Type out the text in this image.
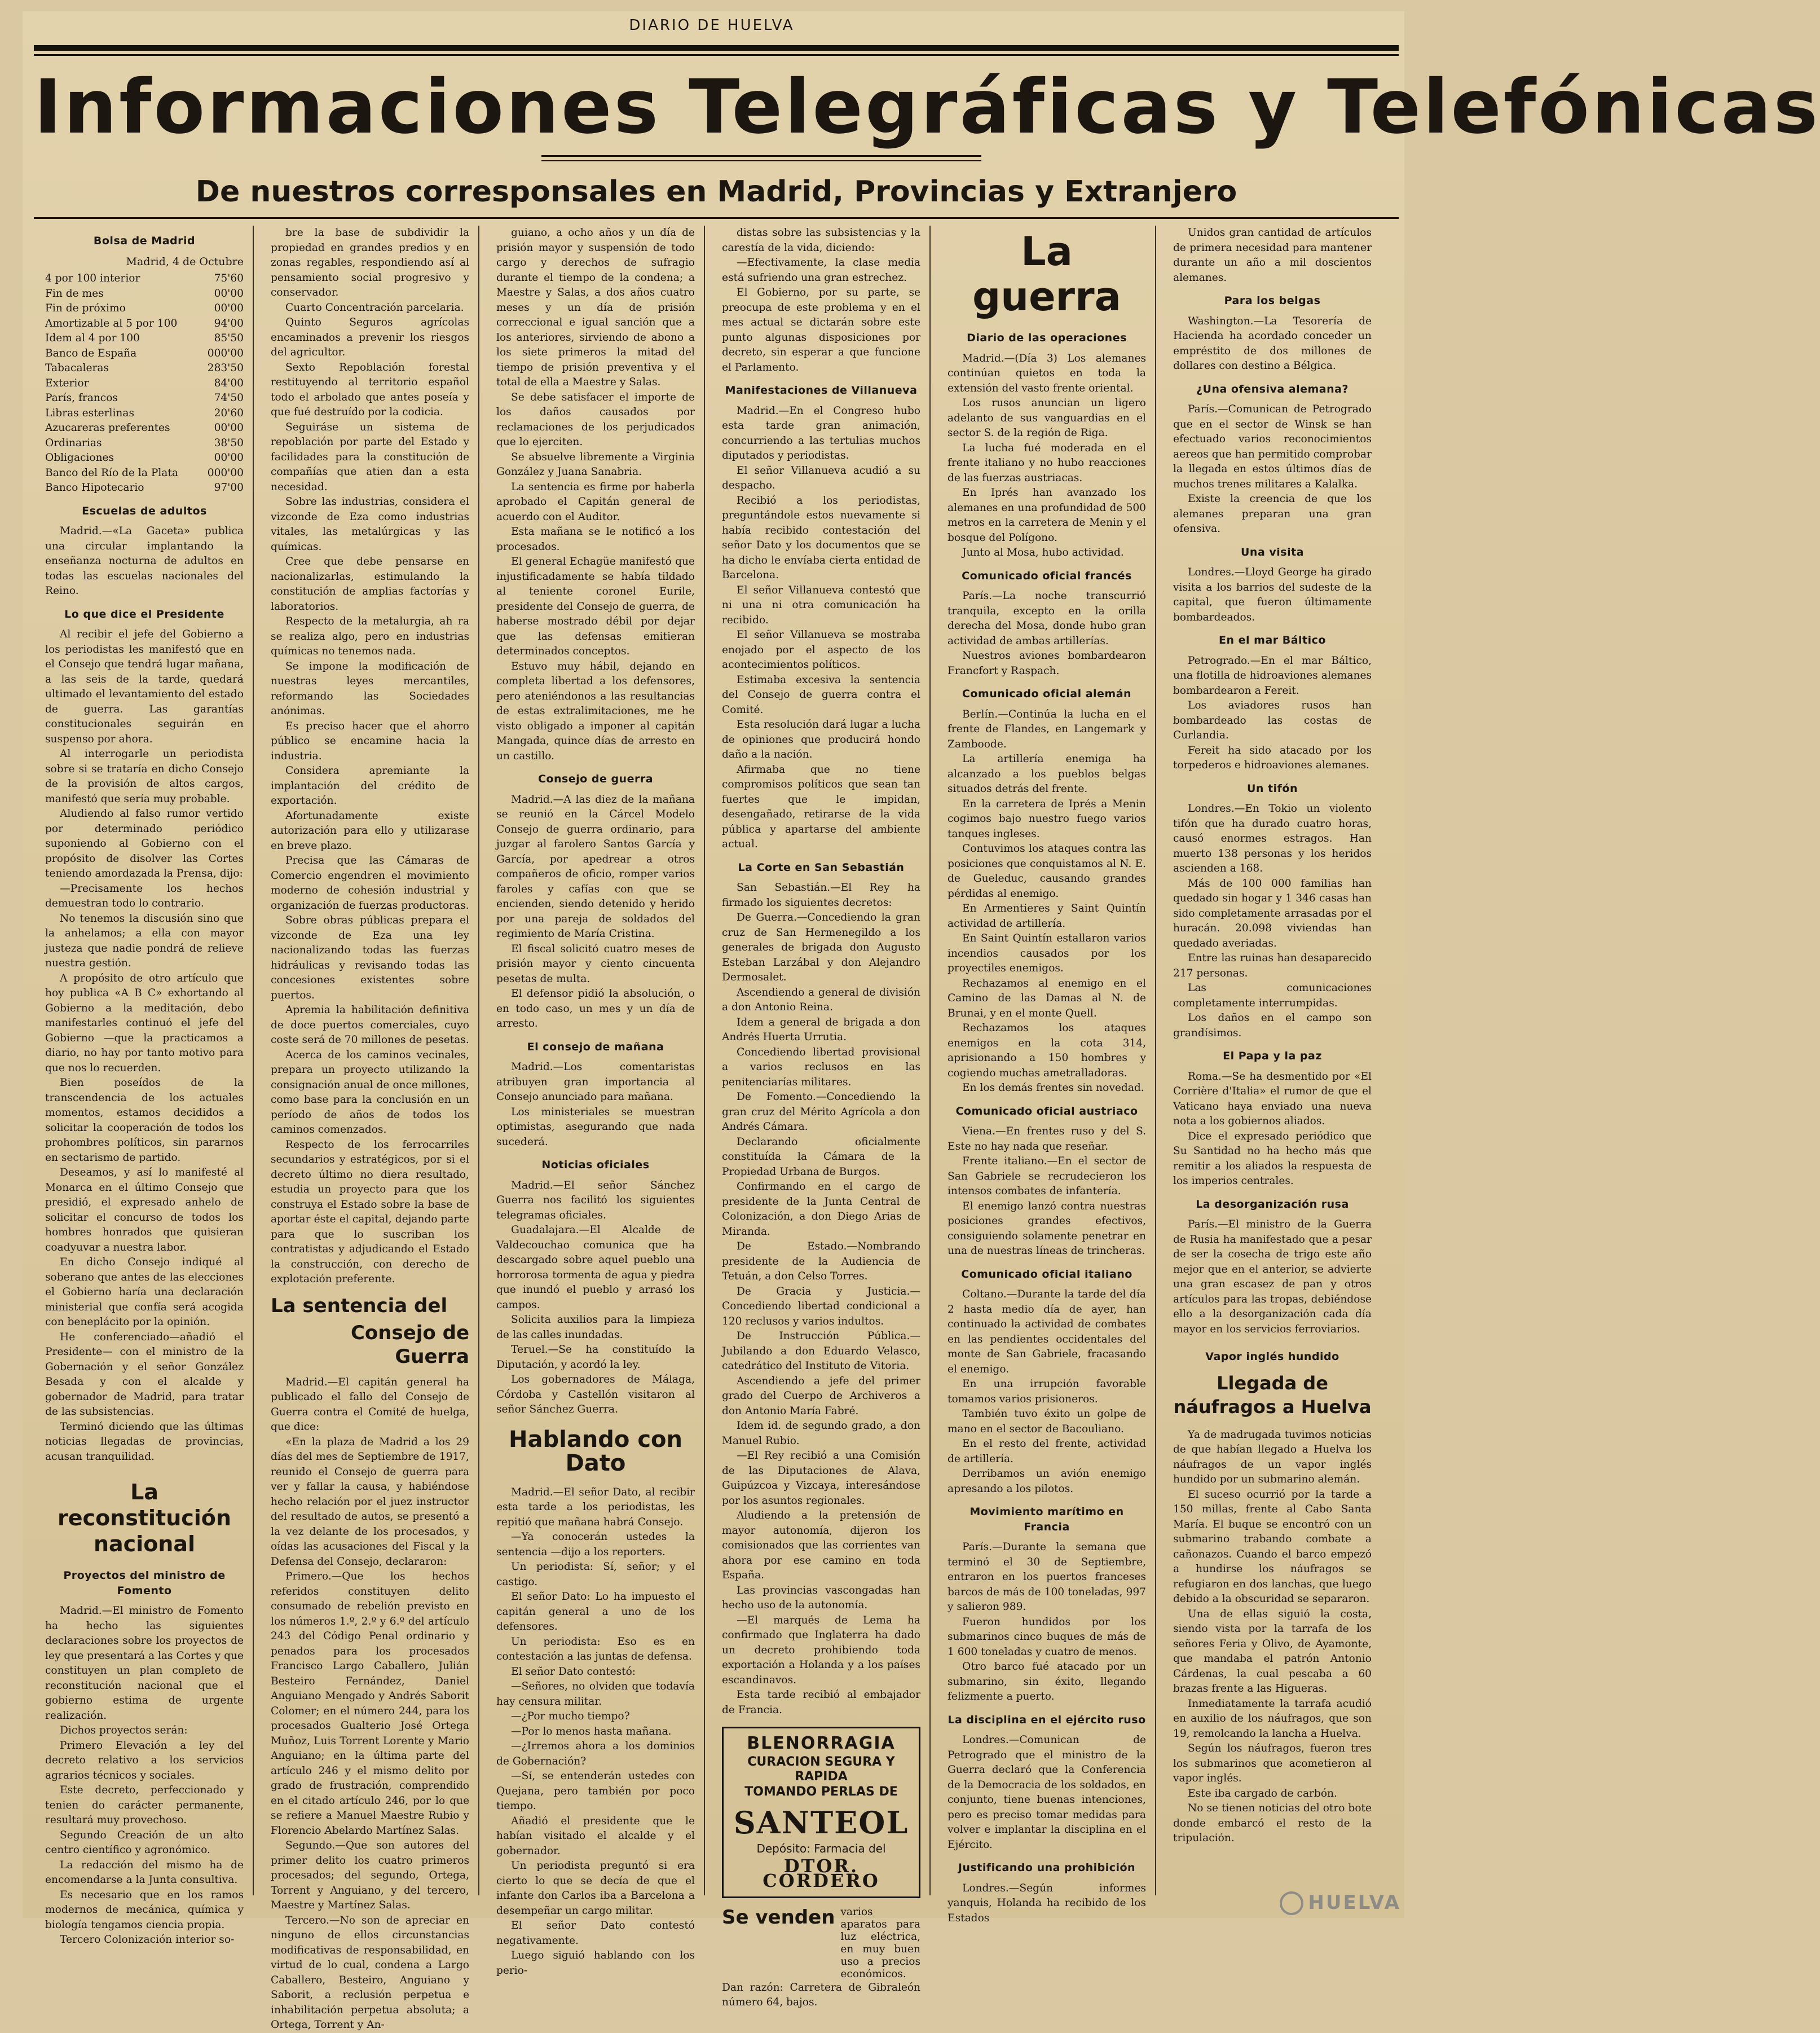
DIARIO DE HUELVA
Informaciones Telegráficas y Telefónicas
De nuestros corresponsales en Madrid, Provincias y Extranjero
Bolsa de Madrid
Madrid, 4 de Octubre
4 por 100 interior	75'60
Fin de mes	00'00
Fin de próximo	00'00
Amortizable al 5 por 100	94'00
Idem al 4 por 100	85'50
Banco de España	000'00
Tabacaleras	283'50
Exterior	84'00
París, francos	74'50
Libras esterlinas	20'60
Azucareras preferentes	00'00
Ordinarias	38'50
Obligaciones	00'00
Banco del Río de la Plata	000'00
Banco Hipotecario	97'00
Escuelas de adultos

Madrid.—«La Gaceta» publica una circular implantando la enseñanza nocturna de adultos en todas las escuelas nacionales del Reino.

Lo que dice el Presidente

Al recibir el jefe del Gobierno a los periodistas les manifestó que en el Consejo que tendrá lugar mañana, a las seis de la tarde, quedará ultimado el levantamiento del estado de guerra. Las garantías constitucionales seguirán en suspenso por ahora.

Al interrogarle un periodista sobre si se trataría en dicho Consejo de la provisión de altos cargos, manifestó que sería muy probable.

Aludiendo al falso rumor vertido por determinado periódico suponiendo al Gobierno con el propósito de disolver las Cortes teniendo amordazada la Prensa, dijo:

—Precisamente los hechos demuestran todo lo contrario.

No tenemos la discusión sino que la anhelamos; a ella con mayor justeza que nadie pondrá de relieve nuestra gestión.

A propósito de otro artículo que hoy publica «A B C» exhortando al Gobierno a la meditación, debo manifestarles continuó el jefe del Gobierno —que la practicamos a diario, no hay por tanto motivo para que nos lo recuerden.

Bien poseídos de la transcendencia de los actuales momentos, estamos decididos a solicitar la cooperación de todos los prohombres políticos, sin pararnos en sectarismo de partido.

Deseamos, y así lo manifesté al Monarca en el último Consejo que presidió, el expresado anhelo de solicitar el concurso de todos los hombres honrados que quisieran coadyuvar a nuestra labor.

En dicho Consejo indiqué al soberano que antes de las elecciones el Gobierno haría una declaración ministerial que confía será acogida con beneplácito por la opinión.

He conferenciado—añadió el Presidente— con el ministro de la Gobernación y el señor González Besada y con el alcalde y gobernador de Madrid, para tratar de las subsistencias.

Terminó diciendo que las últimas noticias llegadas de provincias, acusan tranquilidad.

La reconstitución nacional
Proyectos del ministro de Fomento

Madrid.—El ministro de Fomento ha hecho las siguientes declaraciones sobre los proyectos de ley que presentará a las Cortes y que constituyen un plan completo de reconstitución nacional que el gobierno estima de urgente realización.

Dichos proyectos serán:

Primero Elevación a ley del decreto relativo a los servicios agrarios técnicos y sociales.

Este decreto, perfeccionado y tenien do carácter permanente, resultará muy provechoso.

Segundo Creación de un alto centro científico y agronómico.

La redacción del mismo ha de encomendarse a la Junta consultiva.

Es necesario que en los ramos modernos de mecánica, química y biología tengamos ciencia propia.

Tercero Colonización interior so-

bre la base de subdividir la propiedad en grandes predios y en zonas regables, respondiendo así al pensamiento social progresivo y conservador.

Cuarto Concentración parcelaria.

Quinto Seguros agrícolas encaminados a prevenir los riesgos del agricultor.

Sexto Repoblación forestal restituyendo al territorio español todo el arbolado que antes poseía y que fué destruído por la codicia.

Seguiráse un sistema de repoblación por parte del Estado y facilidades para la constitución de compañías que atien dan a esta necesidad.

Sobre las industrias, considera el vizconde de Eza como industrias vitales, las metalúrgicas y las químicas.

Cree que debe pensarse en nacionalizarlas, estimulando la constitución de amplias factorías y laboratorios.

Respecto de la metalurgia, ah ra se realiza algo, pero en industrias químicas no tenemos nada.

Se impone la modificación de nuestras leyes mercantiles, reformando las Sociedades anónimas.

Es preciso hacer que el ahorro público se encamine hacia la industria.

Considera apremiante la implantación del crédito de exportación.

Afortunadamente existe autorización para ello y utilizarase en breve plazo.

Precisa que las Cámaras de Comercio engendren el movimiento moderno de cohesión industrial y organización de fuerzas productoras.

Sobre obras públicas prepara el vizconde de Eza una ley nacionalizando todas las fuerzas hidráulicas y revisando todas las concesiones existentes sobre puertos.

Apremia la habilitación definitiva de doce puertos comerciales, cuyo coste será de 70 millones de pesetas.

Acerca de los caminos vecinales, prepara un proyecto utilizando la consignación anual de once millones, como base para la conclusión en un período de años de todos los caminos comenzados.

Respecto de los ferrocarriles secundarios y estratégicos, por si el decreto último no diera resultado, estudia un proyecto para que los construya el Estado sobre la base de aportar éste el capital, dejando parte para que lo suscriban los contratistas y adjudicando el Estado la construcción, con derecho de explotación preferente.

La sentencia del
Consejo de Guerra

Madrid.—El capitán general ha publicado el fallo del Consejo de Guerra contra el Comité de huelga, que dice:

«En la plaza de Madrid a los 29 días del mes de Septiembre de 1917, reunido el Consejo de guerra para ver y fallar la causa, y habiéndose hecho relación por el juez instructor del resultado de autos, se presentó a la vez delante de los procesados, y oídas las acusaciones del Fiscal y la Defensa del Consejo, declararon:

Primero.—Que los hechos referidos constituyen delito consumado de rebelión previsto en los números 1.º, 2.º y 6.º del artículo 243 del Código Penal ordinario y penados para los procesados Francisco Largo Caballero, Julián Besteiro Fernández, Daniel Anguiano Mengado y Andrés Saborit Colomer; en el número 244, para los procesados Gualterio José Ortega Muñoz, Luis Torrent Lorente y Mario Anguiano; en la última parte del artículo 246 y el mismo delito por grado de frustración, comprendido en el citado artículo 246, por lo que se refiere a Manuel Maestre Rubio y Florencio Abelardo Martínez Salas.

Segundo.—Que son autores del primer delito los cuatro primeros procesados; del segundo, Ortega, Torrent y Anguiano, y del tercero, Maestre y Martínez Salas.

Tercero.—No son de apreciar en ninguno de ellos circunstancias modificativas de responsabilidad, en virtud de lo cual, condena a Largo Caballero, Besteiro, Anguiano y Saborit, a reclusión perpetua e inhabilitación perpetua absoluta; a Ortega, Torrent y An-

guiano, a ocho años y un día de prisión mayor y suspensión de todo cargo y derechos de sufragio durante el tiempo de la condena; a Maestre y Salas, a dos años cuatro meses y un día de prisión correccional e igual sanción que a los anteriores, sirviendo de abono a los siete primeros la mitad del tiempo de prisión preventiva y el total de ella a Maestre y Salas.

Se debe satisfacer el importe de los daños causados por reclamaciones de los perjudicados que lo ejerciten.

Se absuelve libremente a Virginia González y Juana Sanabria.

La sentencia es firme por haberla aprobado el Capitán general de acuerdo con el Auditor.

Esta mañana se le notificó a los procesados.

El general Echagüe manifestó que injustificadamente se había tildado al teniente coronel Eurile, presidente del Consejo de guerra, de haberse mostrado débil por dejar que las defensas emitieran determinados conceptos.

Estuvo muy hábil, dejando en completa libertad a los defensores, pero ateniéndonos a las resultancias de estas extralimitaciones, me he visto obligado a imponer al capitán Mangada, quince días de arresto en un castillo.

Consejo de guerra

Madrid.—A las diez de la mañana se reunió en la Cárcel Modelo Consejo de guerra ordinario, para juzgar al farolero Santos García y García, por apedrear a otros compañeros de oficio, romper varios faroles y cafías con que se encienden, siendo detenido y herido por una pareja de soldados del regimiento de María Cristina.

El fiscal solicitó cuatro meses de prisión mayor y ciento cincuenta pesetas de multa.

El defensor pidió la absolución, o en todo caso, un mes y un día de arresto.

El consejo de mañana

Madrid.—Los comentaristas atribuyen gran importancia al Consejo anunciado para mañana.

Los ministeriales se muestran optimistas, asegurando que nada sucederá.

Noticias oficiales

Madrid.—El señor Sánchez Guerra nos facilitó los siguientes telegramas oficiales.

Guadalajara.—El Alcalde de Valdecouchao comunica que ha descargado sobre aquel pueblo una horrorosa tormenta de agua y piedra que inundó el pueblo y arrasó los campos.

Solicita auxilios para la limpieza de las calles inundadas.

Teruel.—Se ha constituído la Diputación, y acordó la ley.

Los gobernadores de Málaga, Córdoba y Castellón visitaron al señor Sánchez Guerra.

Hablando con Dato

Madrid.—El señor Dato, al recibir esta tarde a los periodistas, les repitió que mañana habrá Consejo.

—Ya conocerán ustedes la sentencia —dijo a los reporters.

Un periodista: Sí, señor; y el castigo.

El señor Dato: Lo ha impuesto el capitán general a uno de los defensores.

Un periodista: Eso es en contestación a las juntas de defensa.

El señor Dato contestó:

—Señores, no olviden que todavía hay censura militar.

—¿Por mucho tiempo?

—Por lo menos hasta mañana.

—¿Irremos ahora a los dominios de Gobernación?

—Sí, se entenderán ustedes con Quejana, pero también por poco tiempo.

Añadió el presidente que le habían visitado el alcalde y el gobernador.

Un periodista preguntó si era cierto lo que se decía de que el infante don Carlos iba a Barcelona a desempeñar un cargo militar.

El señor Dato contestó negativamente.

Luego siguió hablando con los perio-

distas sobre las subsistencias y la carestía de la vida, diciendo:

—Efectivamente, la clase media está sufriendo una gran estrechez.

El Gobierno, por su parte, se preocupa de este problema y en el mes actual se dictarán sobre este punto algunas disposiciones por decreto, sin esperar a que funcione el Parlamento.

Manifestaciones de Villanueva

Madrid.—En el Congreso hubo esta tarde gran animación, concurriendo a las tertulias muchos diputados y periodistas.

El señor Villanueva acudió a su despacho.

Recibió a los periodistas, preguntándole estos nuevamente si había recibido contestación del señor Dato y los documentos que se ha dicho le envíaba cierta entidad de Barcelona.

El señor Villanueva contestó que ni una ni otra comunicación ha recibido.

El señor Villanueva se mostraba enojado por el aspecto de los acontecimientos políticos.

Estimaba excesiva la sentencia del Consejo de guerra contra el Comité.

Esta resolución dará lugar a lucha de opiniones que producirá hondo daño a la nación.

Afirmaba que no tiene compromisos políticos que sean tan fuertes que le impidan, desengañado, retirarse de la vida pública y apartarse del ambiente actual.

La Corte en San Sebastián

San Sebastián.—El Rey ha firmado los siguientes decretos:

De Guerra.—Concediendo la gran cruz de San Hermenegildo a los generales de brigada don Augusto Esteban Larzábal y don Alejandro Dermosalet.

Ascendiendo a general de división a don Antonio Reina.

Idem a general de brigada a don Andrés Huerta Urrutia.

Concediendo libertad provisional a varios reclusos en las penitenciarías militares.

De Fomento.—Concediendo la gran cruz del Mérito Agrícola a don Andrés Cámara.

Declarando oficialmente constituída la Cámara de la Propiedad Urbana de Burgos.

Confirmando en el cargo de presidente de la Junta Central de Colonización, a don Diego Arias de Miranda.

De Estado.—Nombrando presidente de la Audiencia de Tetuán, a don Celso Torres.

De Gracia y Justicia.—Concediendo libertad condicional a 120 reclusos y varios indultos.

De Instrucción Pública.—Jubilando a don Eduardo Velasco, catedrático del Instituto de Vitoria.

Ascendiendo a jefe del primer grado del Cuerpo de Archiveros a don Antonio María Fabré.

Idem id. de segundo grado, a don Manuel Rubio.

—El Rey recibió a una Comisión de las Diputaciones de Alava, Guipúzcoa y Vizcaya, interesándose por los asuntos regionales.

Aludiendo a la pretensión de mayor autonomía, dijeron los comisionados que las corrientes van ahora por ese camino en toda España.

Las provincias vascongadas han hecho uso de la autonomía.

—El marqués de Lema ha confirmado que Inglaterra ha dado un decreto prohibiendo toda exportación a Holanda y a los países escandinavos.

Esta tarde recibió al embajador de Francia.

BLENORRAGIA
CURACION SEGURA Y RAPIDA
TOMANDO PERLAS DE
SANTEOL
Depósito: Farmacia del
DTOR. CORDERO
Se venden varios aparatos para luz eléctrica, en muy buen uso a precios económicos.

Dan razón: Carretera de Gibraleón número 64, bajos.

La guerra
Diario de las operaciones

Madrid.—(Día 3) Los alemanes continúan quietos en toda la extensión del vasto frente oriental.

Los rusos anuncian un ligero adelanto de sus vanguardias en el sector S. de la región de Riga.

La lucha fué moderada en el frente italiano y no hubo reacciones de las fuerzas austriacas.

En Iprés han avanzado los alemanes en una profundidad de 500 metros en la carretera de Menin y el bosque del Polígono.

Junto al Mosa, hubo actividad.

Comunicado oficial francés

París.—La noche transcurrió tranquila, excepto en la orilla derecha del Mosa, donde hubo gran actividad de ambas artillerías.

Nuestros aviones bombardearon Francfort y Raspach.

Comunicado oficial alemán

Berlín.—Continúa la lucha en el frente de Flandes, en Langemark y Zamboode.

La artillería enemiga ha alcanzado a los pueblos belgas situados detrás del frente.

En la carretera de Iprés a Menin cogimos bajo nuestro fuego varios tanques ingleses.

Contuvimos los ataques contra las posiciones que conquistamos al N. E. de Gueleduc, causando grandes pérdidas al enemigo.

En Armentieres y Saint Quintín actividad de artillería.

En Saint Quintín estallaron varios incendios causados por los proyectiles enemigos.

Rechazamos al enemigo en el Camino de las Damas al N. de Brunai, y en el monte Quell.

Rechazamos los ataques enemigos en la cota 314, aprisionando a 150 hombres y cogiendo muchas ametralladoras.

En los demás frentes sin novedad.

Comunicado oficial austriaco

Viena.—En frentes ruso y del S. Este no hay nada que reseñar.

Frente italiano.—En el sector de San Gabriele se recrudecieron los intensos combates de infantería.

El enemigo lanzó contra nuestras posiciones grandes efectivos, consiguiendo solamente penetrar en una de nuestras líneas de trincheras.

Comunicado oficial italiano

Coltano.—Durante la tarde del día 2 hasta medio día de ayer, han continuado la actividad de combates en las pendientes occidentales del monte de San Gabriele, fracasando el enemigo.

En una irrupción favorable tomamos varios prisioneros.

También tuvo éxito un golpe de mano en el sector de Bacouliano.

En el resto del frente, actividad de artillería.

Derribamos un avión enemigo apresando a los pilotos.

Movimiento marítimo en Francia

París.—Durante la semana que terminó el 30 de Septiembre, entraron en los puertos franceses barcos de más de 100 toneladas, 997 y salieron 989.

Fueron hundidos por los submarinos cinco buques de más de 1 600 toneladas y cuatro de menos.

Otro barco fué atacado por un submarino, sin éxito, llegando felizmente a puerto.

La disciplina en el ejército ruso

Londres.—Comunican de Petrogrado que el ministro de la Guerra declaró que la Conferencia de la Democracia de los soldados, en conjunto, tiene buenas intenciones, pero es preciso tomar medidas para volver e implantar la disciplina en el Ejército.

Justificando una prohibición

Londres.—Según informes yanquis, Holanda ha recibido de los Estados

Unidos gran cantidad de artículos de primera necesidad para mantener durante un año a mil doscientos alemanes.

Para los belgas

Washington.—La Tesorería de Hacienda ha acordado conceder un empréstito de dos millones de dollares con destino a Bélgica.

¿Una ofensiva alemana?

París.—Comunican de Petrogrado que en el sector de Winsk se han efectuado varios reconocimientos aereos que han permitido comprobar la llegada en estos últimos días de muchos trenes militares a Kalalka.

Existe la creencia de que los alemanes preparan una gran ofensiva.

Una visita

Londres.—Lloyd George ha girado visita a los barrios del sudeste de la capital, que fueron últimamente bombardeados.

En el mar Báltico

Petrogrado.—En el mar Báltico, una flotilla de hidroaviones alemanes bombardearon a Fereit.

Los aviadores rusos han bombardeado las costas de Curlandia.

Fereit ha sido atacado por los torpederos e hidroaviones alemanes.

Un tifón

Londres.—En Tokio un violento tifón que ha durado cuatro horas, causó enormes estragos. Han muerto 138 personas y los heridos ascienden a 168.

Más de 100 000 familias han quedado sin hogar y 1 346 casas han sido completamente arrasadas por el huracán. 20.098 viviendas han quedado averiadas.

Entre las ruinas han desaparecido 217 personas.

Las comunicaciones completamente interrumpidas.

Los daños en el campo son grandísimos.

El Papa y la paz

Roma.—Se ha desmentido por «El Corrière d'Italia» el rumor de que el Vaticano haya enviado una nueva nota a los gobiernos aliados.

Dice el expresado periódico que Su Santidad no ha hecho más que remitir a los aliados la respuesta de los imperios centrales.

La desorganización rusa

París.—El ministro de la Guerra de Rusia ha manifestado que a pesar de ser la cosecha de trigo este año mejor que en el anterior, se advierte una gran escasez de pan y otros artículos para las tropas, debiéndose ello a la desorganización cada día mayor en los servicios ferroviarios.

Vapor inglés hundido
Llegada de náufragos a Huelva

Ya de madrugada tuvimos noticias de que habían llegado a Huelva los náufragos de un vapor inglés hundido por un submarino alemán.

El suceso ocurrió por la tarde a 150 millas, frente al Cabo Santa María. El buque se encontró con un submarino trabando combate a cañonazos. Cuando el barco empezó a hundirse los náufragos se refugiaron en dos lanchas, que luego debido a la obscuridad se separaron.

Una de ellas siguió la costa, siendo vista por la tarrafa de los señores Feria y Olivo, de Ayamonte, que mandaba el patrón Antonio Cárdenas, la cual pescaba a 60 brazas frente a las Higueras.

Inmediatamente la tarrafa acudió en auxilio de los náufragos, que son 19, remolcando la lancha a Huelva.

Según los náufragos, fueron tres los submarinos que acometieron al vapor inglés.

Este iba cargado de carbón.

No se tienen noticias del otro bote donde embarcó el resto de la tripulación.

HUELVA
